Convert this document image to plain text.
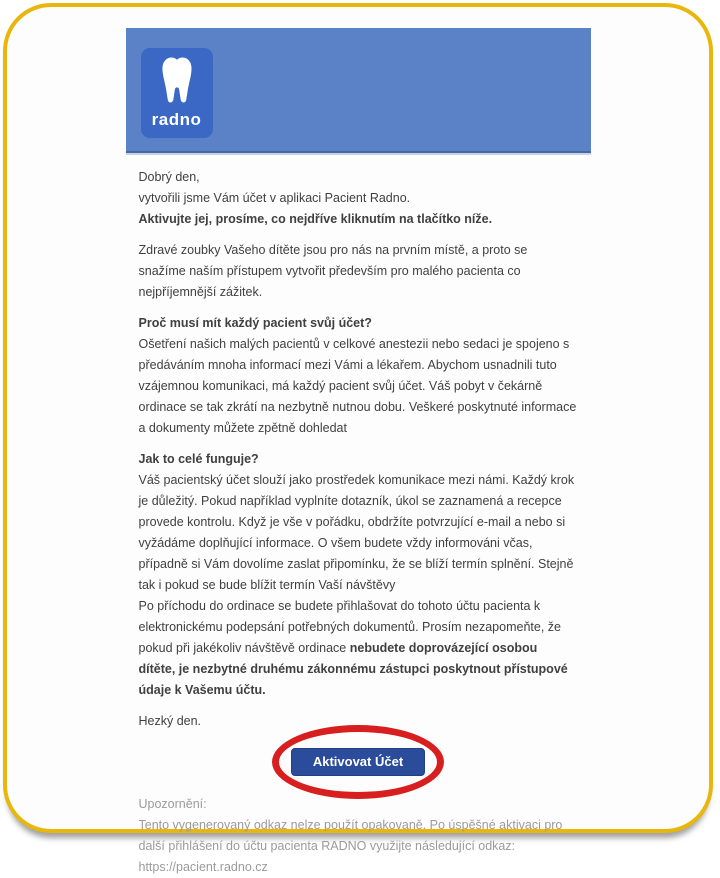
radno

Dobrý den,
vytvořili jsme Vám účet v aplikaci Pacient Radno.
Aktivujte jej, prosíme, co nejdříve kliknutím na tlačítko níže.

Zdravé zoubky Vašeho dítěte jsou pro nás na prvním místě, a proto se snažíme naším přístupem vytvořit především pro malého pacienta co nejpříjemnější zážitek.

Proč musí mít každý pacient svůj účet?
Ošetření našich malých pacientů v celkové anestezii nebo sedaci je spojeno s předáváním mnoha informací mezi Vámi a lékařem. Abychom usnadnili tuto vzájemnou komunikaci, má každý pacient svůj účet. Váš pobyt v čekárně ordinace se tak zkrátí na nezbytně nutnou dobu. Veškeré poskytnuté informace a dokumenty můžete zpětně dohledat

Jak to celé funguje?
Váš pacientský účet slouží jako prostředek komunikace mezi námi. Každý krok je důležitý. Pokud například vyplníte dotazník, úkol se zaznamená a recepce provede kontrolu. Když je vše v pořádku, obdržíte potvrzující e-mail a nebo si vyžádáme doplňující informace. O všem budete vždy informováni včas, případně si Vám dovolíme zaslat připomínku, že se blíží termín splnění. Stejně tak i pokud se bude blížit termín Vaší návštěvy
Po příchodu do ordinace se budete přihlašovat do tohoto účtu pacienta k elektronickému podepsání potřebných dokumentů. Prosím nezapomeňte, že pokud při jakékoliv návštěvě ordinace nebudete doprovázející osobou dítěte, je nezbytné druhému zákonnému zástupci poskytnout přístupové údaje k Vašemu účtu.

Hezký den.

Aktivovat Účet
Upozornění:
Tento vygenerovaný odkaz nelze použít opakovaně. Po úspěšné aktivaci pro další přihlášení do účtu pacienta RADNO využijte následující odkaz:
https://pacient.radno.cz
